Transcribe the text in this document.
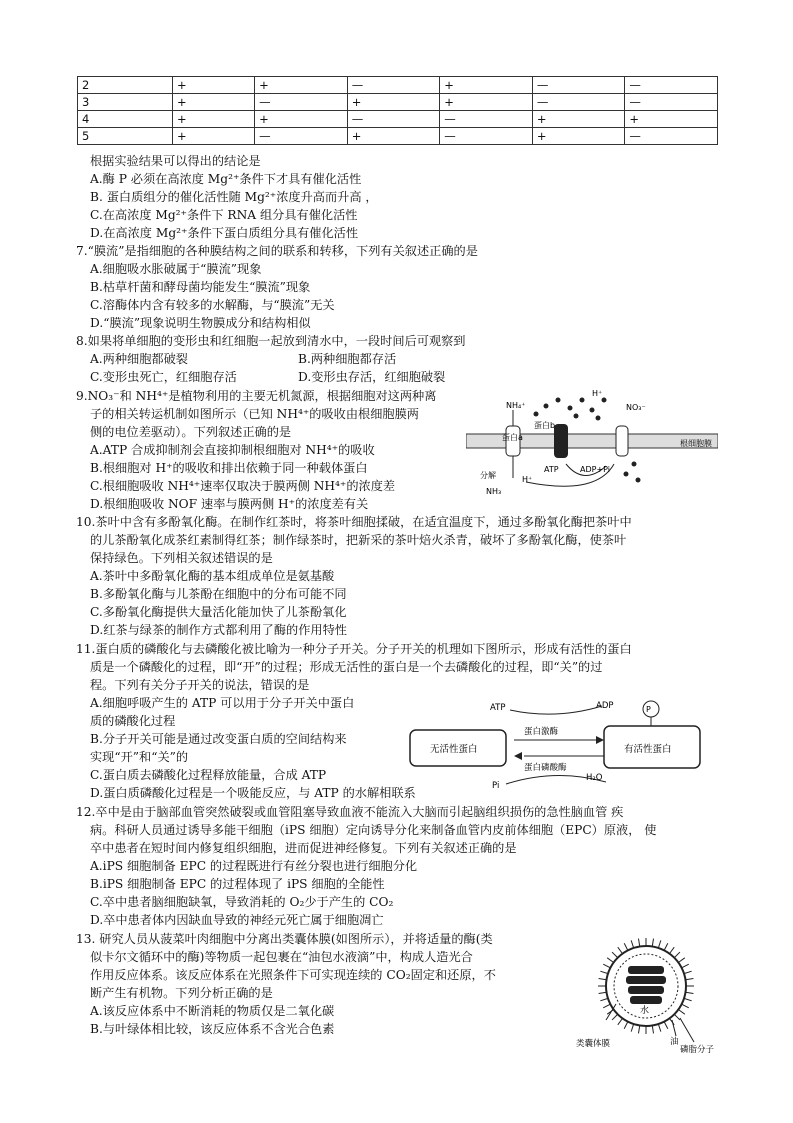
2	+	+	—	+	—	—
3	+	—	+	+	—	—
4	+	+	—	—	+	+
5	+	—	+	—	+	—
根据实验结果可以得出的结论是
A.酶 P 必须在高浓度 Mg²⁺条件下才具有催化活性
B. 蛋白质组分的催化活性随 Mg²⁺浓度升高而升高 ，
C.在高浓度 Mg²⁺条件下 RNA 组分具有催化活性
D.在高浓度 Mg²⁺条件下蛋白质组分具有催化活性
7.“膜流”是指细胞的各种膜结构之间的联系和转移，下列有关叙述正确的是
A.细胞吸水胀破属于“膜流”现象
B.枯草杆菌和酵母菌均能发生“膜流”现象
C.溶酶体内含有较多的水解酶，与“膜流”无关
D.“膜流”现象说明生物膜成分和结构相似
8.如果将单细胞的变形虫和红细胞一起放到清水中，一段时间后可观察到
A.两种细胞都破裂	B.两种细胞都存活
C.变形虫死亡，红细胞存活	D.变形虫存活，红细胞破裂
9.NO₃⁻和 NH⁴⁺是植物利用的主要无机氮源，根据细胞对这两种离
子的相关转运机制如图所示（已知 NH⁴⁺的吸收由根细胞膜两
侧的电位差驱动）。下列叙述正确的是
A.ATP 合成抑制剂会直接抑制根细胞对 NH⁴⁺的吸收
B.根细胞对 H⁺的吸收和排出依赖于同一种载体蛋白
C.根细胞吸收 NH⁴⁺速率仅取决于膜两侧 NH⁴⁺的浓度差
D.根细胞吸收 NOF 速率与膜两侧 H⁺的浓度差有关
10.茶叶中含有多酚氧化酶。在制作红茶时，将茶叶细胞揉破，在适宜温度下，通过多酚氧化酶把茶叶中
的儿茶酚氧化成茶红素制得红茶；制作绿茶时，把新采的茶叶焙火杀青，破坏了多酚氧化酶，使茶叶
保持绿色。下列相关叙述错误的是
A.茶叶中多酚氧化酶的基本组成单位是氨基酸
B.多酚氧化酶与儿茶酚在细胞中的分布可能不同
C.多酚氧化酶提供大量活化能加快了儿茶酚氧化
D.红茶与绿茶的制作方式都利用了酶的作用特性
11.蛋白质的磷酸化与去磷酸化被比喻为一种分子开关。分子开关的机理如下图所示，形成有活性的蛋白
质是一个磷酸化的过程，即“开”的过程；形成无活性的蛋白是一个去磷酸化的过程，即“关”的过
程。下列有关分子开关的说法，错误的是
A.细胞呼吸产生的 ATP 可以用于分子开关中蛋白
质的磷酸化过程
B.分子开关可能是通过改变蛋白质的空间结构来
实现“开”和“关”的
C.蛋白质去磷酸化过程释放能量，合成 ATP
D.蛋白质磷酸化过程是一个吸能反应，与 ATP 的水解相联系
12.卒中是由于脑部血管突然破裂或血管阻塞导致血液不能流入大脑而引起脑组织损伤的急性脑血管 疾
病。科研人员通过诱导多能干细胞（iPS 细胞）定向诱导分化来制备血管内皮前体细胞（EPC）原液， 使
卒中患者在短时间内修复组织细胞，进而促进神经修复。下列有关叙述正确的是
A.iPS 细胞制备 EPC 的过程既进行有丝分裂也进行细胞分化
B.iPS 细胞制备 EPC 的过程体现了 iPS 细胞的全能性
C.卒中患者脑细胞缺氧，导致消耗的 O₂少于产生的 CO₂
D.卒中患者体内因缺血导致的神经元死亡属于细胞凋亡
13. 研究人员从菠菜叶肉细胞中分离出类囊体膜(如图所示），并将适量的酶(类
似卡尔文循环中的酶)等物质一起包裹在“油包水液滴”中，构成人造光合
作用反应体系。该反应体系在光照条件下可实现连续的 CO₂固定和还原，不
断产生有机物。下列分析正确的是
A.该反应体系中不断消耗的物质仅是二氧化碳
B.与叶绿体相比较，该反应体系不含光合色素
蛋白a
蛋白b
根细胞膜
NH₄⁺
NH₃
H⁺
H⁺
NO₃⁻
ATP	ADP+Pi
分解
无活性蛋白	有活性蛋白
ATP	ADP	P
蛋白激酶
蛋白磷酸酶
Pi
H₂O
水
类囊体膜	油
磷脂分子
